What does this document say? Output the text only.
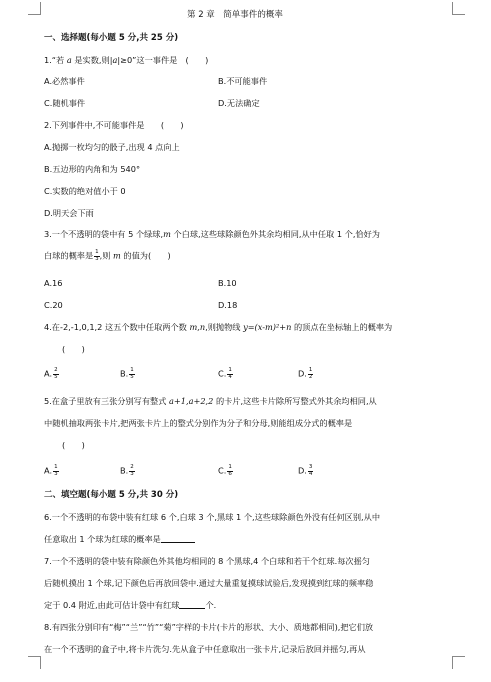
第 2 章　简单事件的概率
一、选择题(每小题 5 分,共 25 分)
1.“若 a 是实数,则|a|≥0”这一事件是　(　　)
A.必然事件	B.不可能事件
C.随机事件	D.无法确定
2.下列事件中,不可能事件是　　(　　)
A.抛掷一枚均匀的骰子,出现 4 点向上
B.五边形的内角和为 540°
C.实数的绝对值小于 0
D.明天会下雨
3.一个不透明的袋中有 5 个绿球,m 个白球,这些球除颜色外其余均相同,从中任取 1 个,恰好为
白球的概率是 $\frac{1}{3}$ ,则 m 的值为(　　)
A.16	B.10
C.20	D.18
4.在-2,-1,0,1,2 这五个数中任取两个数 m,n,则抛物线 y=(x-m)²+n 的顶点在坐标轴上的概率为
(　　)
A. $\frac{2}{5}$	B. $\frac{1}{5}$	C. $\frac{1}{4}$	D. $\frac{1}{2}$
5.在盒子里放有三张分别写有整式 a+1,a+2,2 的卡片,这些卡片除所写整式外其余均相同,从
中随机抽取两张卡片,把两张卡片上的整式分别作为分子和分母,则能组成分式的概率是
(　　)
A. $\frac{1}{3}$	B. $\frac{2}{3}$	C. $\frac{1}{6}$	D. $\frac{3}{4}$
二、填空题(每小题 5 分,共 30 分)
6.一个不透明的布袋中装有红球 6 个,白球 3 个,黑球 1 个,这些球除颜色外没有任何区别,从中
任意取出 1 个球为红球的概率是
7.一个不透明的袋中装有除颜色外其他均相同的 8 个黑球,4 个白球和若干个红球.每次摇匀
后随机摸出 1 个球,记下颜色后再放回袋中.通过大量重复摸球试验后,发现摸到红球的频率稳
定于 0.4 附近,由此可估计袋中有红球	个.
8.有四张分别印有“梅”“兰”“竹”“菊”字样的卡片(卡片的形状、大小、质地都相同),把它们放
在一个不透明的盒子中,将卡片洗匀.先从盒子中任意取出一张卡片,记录后放回并摇匀,再从
